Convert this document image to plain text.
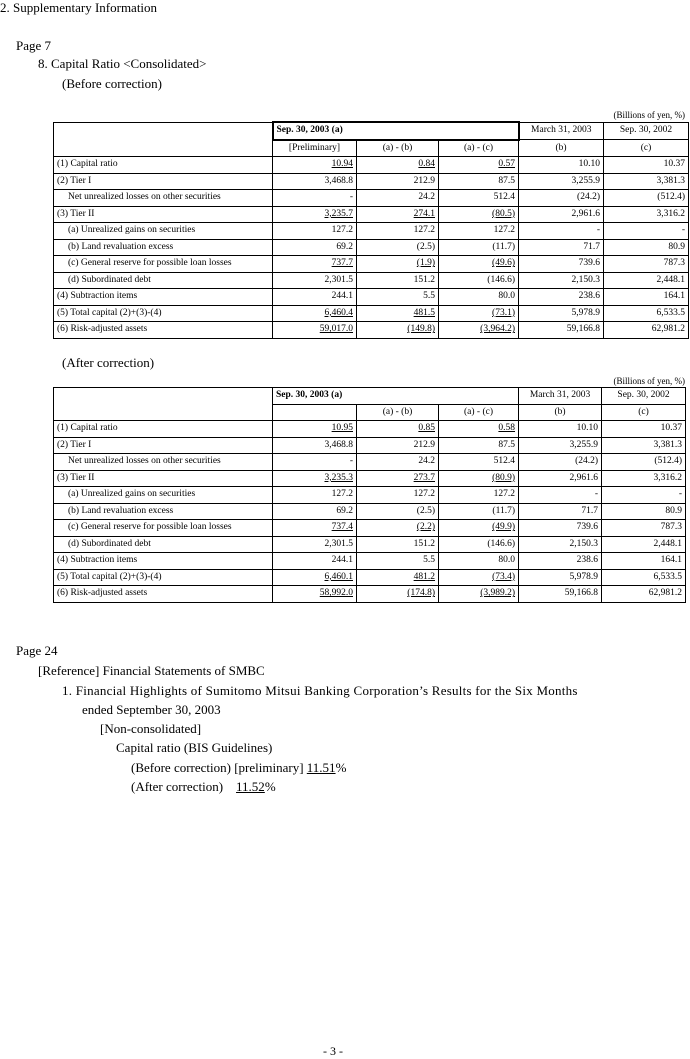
2. Supplementary Information
Page 7
8. Capital Ratio <Consolidated>
(Before correction)
(Billions of yen, %)
	Sep. 30, 2003 (a)			March 31, 2003	Sep. 30, 2002
	[Preliminary]	(a) - (b)	(a) - (c)	(b)	(c)
(1) Capital ratio	10.94	0.84	0.57	10.10	10.37
(2) Tier I	3,468.8	212.9	87.5	3,255.9	3,381.3
Net unrealized losses on other securities	-	24.2	512.4	(24.2)	(512.4)
(3) Tier II	3,235.7	274.1	(80.5)	2,961.6	3,316.2
(a) Unrealized gains on securities	127.2	127.2	127.2	-	-
(b) Land revaluation excess	69.2	(2.5)	(11.7)	71.7	80.9
(c) General reserve for possible loan losses	737.7	(1.9)	(49.6)	739.6	787.3
(d) Subordinated debt	2,301.5	151.2	(146.6)	2,150.3	2,448.1
(4) Subtraction items	244.1	5.5	80.0	238.6	164.1
(5) Total capital (2)+(3)-(4)	6,460.4	481.5	(73.1)	5,978.9	6,533.5
(6) Risk-adjusted assets	59,017.0	(149.8)	(3,964.2)	59,166.8	62,981.2
(After correction)
(Billions of yen, %)
	Sep. 30, 2003 (a)			March 31, 2003	Sep. 30, 2002
		(a) - (b)	(a) - (c)	(b)	(c)
(1) Capital ratio	10.95	0.85	0.58	10.10	10.37
(2) Tier I	3,468.8	212.9	87.5	3,255.9	3,381.3
Net unrealized losses on other securities	-	24.2	512.4	(24.2)	(512.4)
(3) Tier II	3,235.3	273.7	(80.9)	2,961.6	3,316.2
(a) Unrealized gains on securities	127.2	127.2	127.2	-	-
(b) Land revaluation excess	69.2	(2.5)	(11.7)	71.7	80.9
(c) General reserve for possible loan losses	737.4	(2.2)	(49.9)	739.6	787.3
(d) Subordinated debt	2,301.5	151.2	(146.6)	2,150.3	2,448.1
(4) Subtraction items	244.1	5.5	80.0	238.6	164.1
(5) Total capital (2)+(3)-(4)	6,460.1	481.2	(73.4)	5,978.9	6,533.5
(6) Risk-adjusted assets	58,992.0	(174.8)	(3,989.2)	59,166.8	62,981.2
Page 24
[Reference] Financial Statements of SMBC
1. Financial Highlights of Sumitomo Mitsui Banking Corporation’s Results for the Six Months
ended September 30, 2003
[Non-consolidated]
Capital ratio (BIS Guidelines)
(Before correction) [preliminary] 11.51%
(After correction)    11.52%
- 3 -
